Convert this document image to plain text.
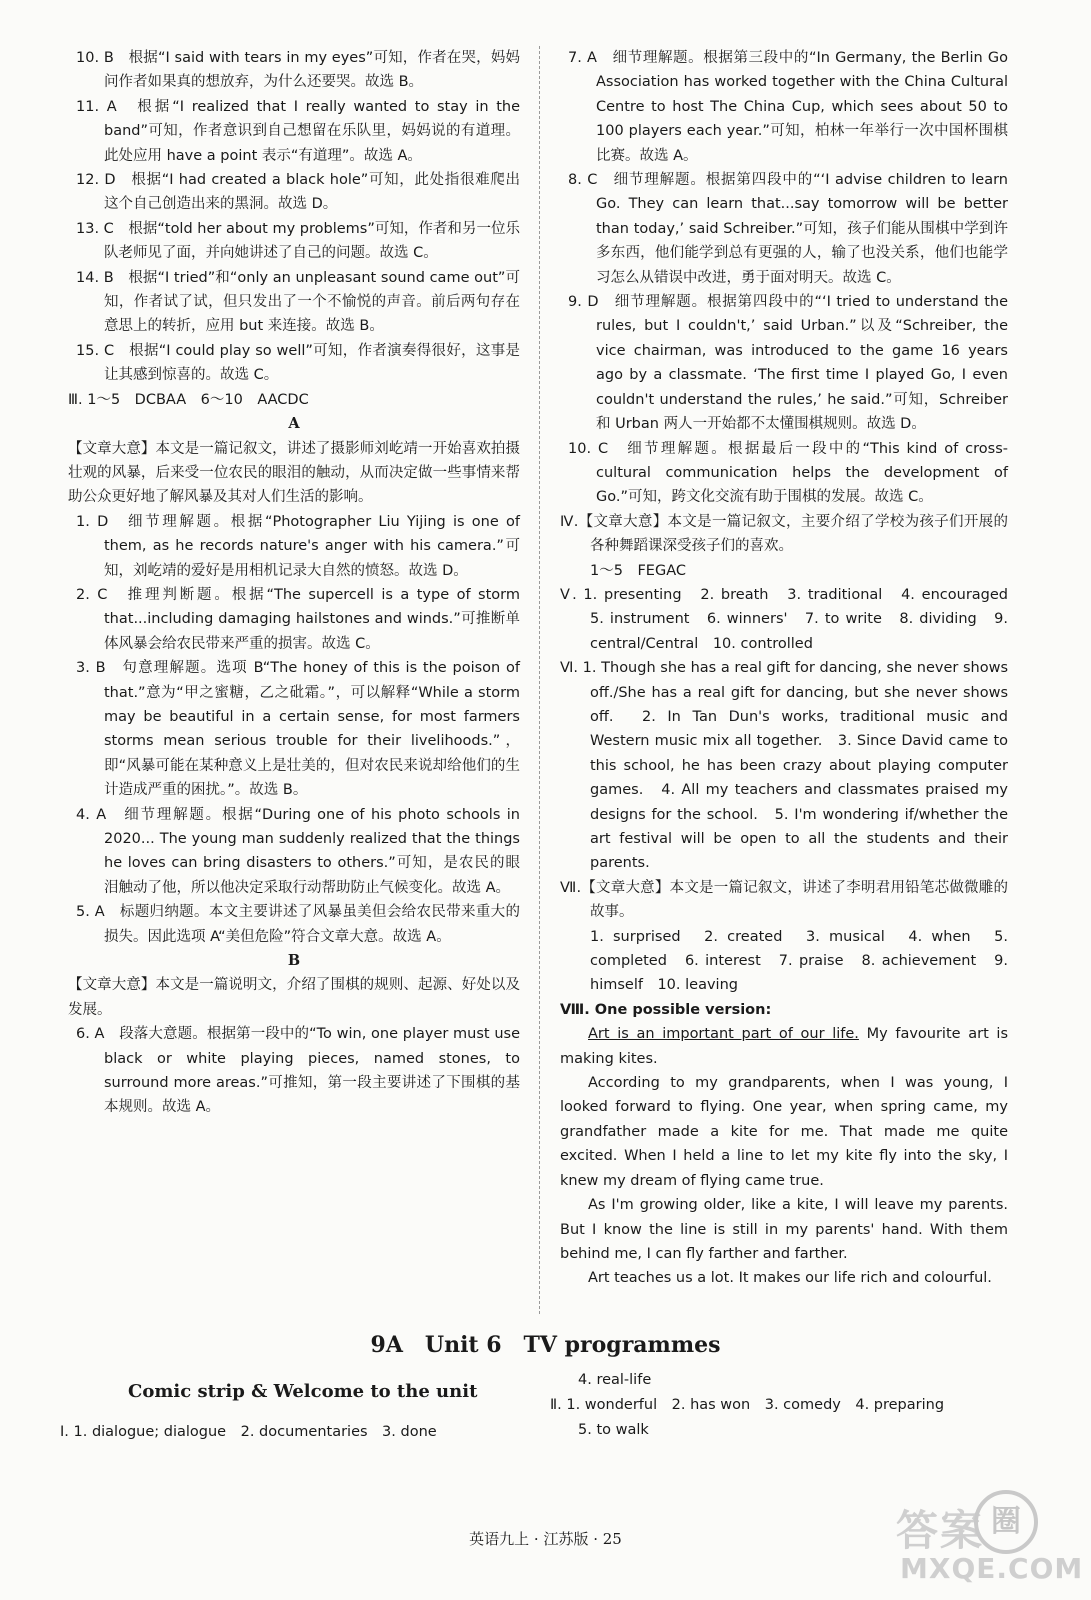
10. B　根据“I said with tears in my eyes”可知，作者在哭，妈妈问作者如果真的想放弃，为什么还要哭。故选 B。

11. A　根据“I realized that I really wanted to stay in the band”可知，作者意识到自己想留在乐队里，妈妈说的有道理。此处应用 have a point 表示“有道理”。故选 A。

12. D　根据“I had created a black hole”可知，此处指很难爬出这个自己创造出来的黑洞。故选 D。

13. C　根据“told her about my problems”可知，作者和另一位乐队老师见了面，并向她讲述了自己的问题。故选 C。

14. B　根据“I tried”和“only an unpleasant sound came out”可知，作者试了试，但只发出了一个不愉悦的声音。前后两句存在意思上的转折，应用 but 来连接。故选 B。

15. C　根据“I could play so well”可知，作者演奏得很好，这事是让其感到惊喜的。故选 C。

Ⅲ. 1～5　DCBAA　6～10　AACDC

A

【文章大意】本文是一篇记叙文，讲述了摄影师刘屹靖一开始喜欢拍摄壮观的风暴，后来受一位农民的眼泪的触动，从而决定做一些事情来帮助公众更好地了解风暴及其对人们生活的影响。

1. D　细节理解题。根据“Photographer Liu Yijing is one of them, as he records nature's anger with his camera.”可知，刘屹靖的爱好是用相机记录大自然的愤怒。故选 D。

2. C　推理判断题。根据“The supercell is a type of storm that...including damaging hailstones and winds.”可推断单体风暴会给农民带来严重的损害。故选 C。

3. B　句意理解题。选项 B“The honey of this is the poison of that.”意为“甲之蜜糖，乙之砒霜。”，可以解释“While a storm may be beautiful in a certain sense, for most farmers storms mean serious trouble for their livelihoods.”，即“风暴可能在某种意义上是壮美的，但对农民来说却给他们的生计造成严重的困扰。”。故选 B。

4. A　细节理解题。根据“During one of his photo schools in 2020... The young man suddenly realized that the things he loves can bring disasters to others.”可知，是农民的眼泪触动了他，所以他决定采取行动帮助防止气候变化。故选 A。

5. A　标题归纳题。本文主要讲述了风暴虽美但会给农民带来重大的损失。因此选项 A“美但危险”符合文章大意。故选 A。

B

【文章大意】本文是一篇说明文，介绍了围棋的规则、起源、好处以及发展。

6. A　段落大意题。根据第一段中的“To win, one player must use black or white playing pieces, named stones, to surround more areas.”可推知，第一段主要讲述了下围棋的基本规则。故选 A。

7. A　细节理解题。根据第三段中的“In Germany, the Berlin Go Association has worked together with the China Cultural Centre to host The China Cup, which sees about 50 to 100 players each year.”可知，柏林一年举行一次中国杯围棋比赛。故选 A。

8. C　细节理解题。根据第四段中的“‘I advise children to learn Go. They can learn that...say tomorrow will be better than today,’ said Schreiber.”可知，孩子们能从围棋中学到许多东西，他们能学到总有更强的人，输了也没关系，他们也能学习怎么从错误中改进，勇于面对明天。故选 C。

9. D　细节理解题。根据第四段中的“‘I tried to understand the rules, but I couldn't,’ said Urban.”以及“Schreiber, the vice chairman, was introduced to the game 16 years ago by a classmate. ‘The first time I played Go, I even couldn't understand the rules,’ he said.”可知，Schreiber 和 Urban 两人一开始都不太懂围棋规则。故选 D。

10. C　细节理解题。根据最后一段中的“This kind of cross-cultural communication helps the development of Go.”可知，跨文化交流有助于围棋的发展。故选 C。

Ⅳ.【文章大意】本文是一篇记叙文，主要介绍了学校为孩子们开展的各种舞蹈课深受孩子们的喜欢。

1～5　FEGAC

Ⅴ. 1. presenting　2. breath　3. traditional　4. encouraged　5. instrument　6. winners'　7. to write　8. dividing　9. central/Central　10. controlled

Ⅵ. 1. Though she has a real gift for dancing, she never shows off./She has a real gift for dancing, but she never shows off.　2. In Tan Dun's works, traditional music and Western music mix all together.　3. Since David came to this school, he has been crazy about playing computer games.　4. All my teachers and classmates praised my designs for the school.　5. I'm wondering if/whether the art festival will be open to all the students and their parents.

Ⅶ.【文章大意】本文是一篇记叙文，讲述了李明君用铅笔芯做微雕的故事。

1. surprised　2. created　3. musical　4. when　5. completed　6. interest　7. praise　8. achievement　9. himself　10. leaving

Ⅷ. One possible version:

Art is an important part of our life. My favourite art is making kites.

According to my grandparents, when I was young, I looked forward to flying. One year, when spring came, my grandfather made a kite for me. That made me quite excited. When I held a line to let my kite fly into the sky, I knew my dream of flying came true.

As I'm growing older, like a kite, I will leave my parents. But I know the line is still in my parents' hand. With them behind me, I can fly farther and farther.

Art teaches us a lot. It makes our life rich and colourful.

9A　Unit 6　TV programmes
Comic strip & Welcome to the unit
Ⅰ. 1. dialogue; dialogue　2. documentaries　3. done
4. real-life
Ⅱ. 1. wonderful　2. has won　3. comedy　4. preparing
5. to walk
英语九上 · 江苏版 · 25	答案 圈
MXQE.COM
